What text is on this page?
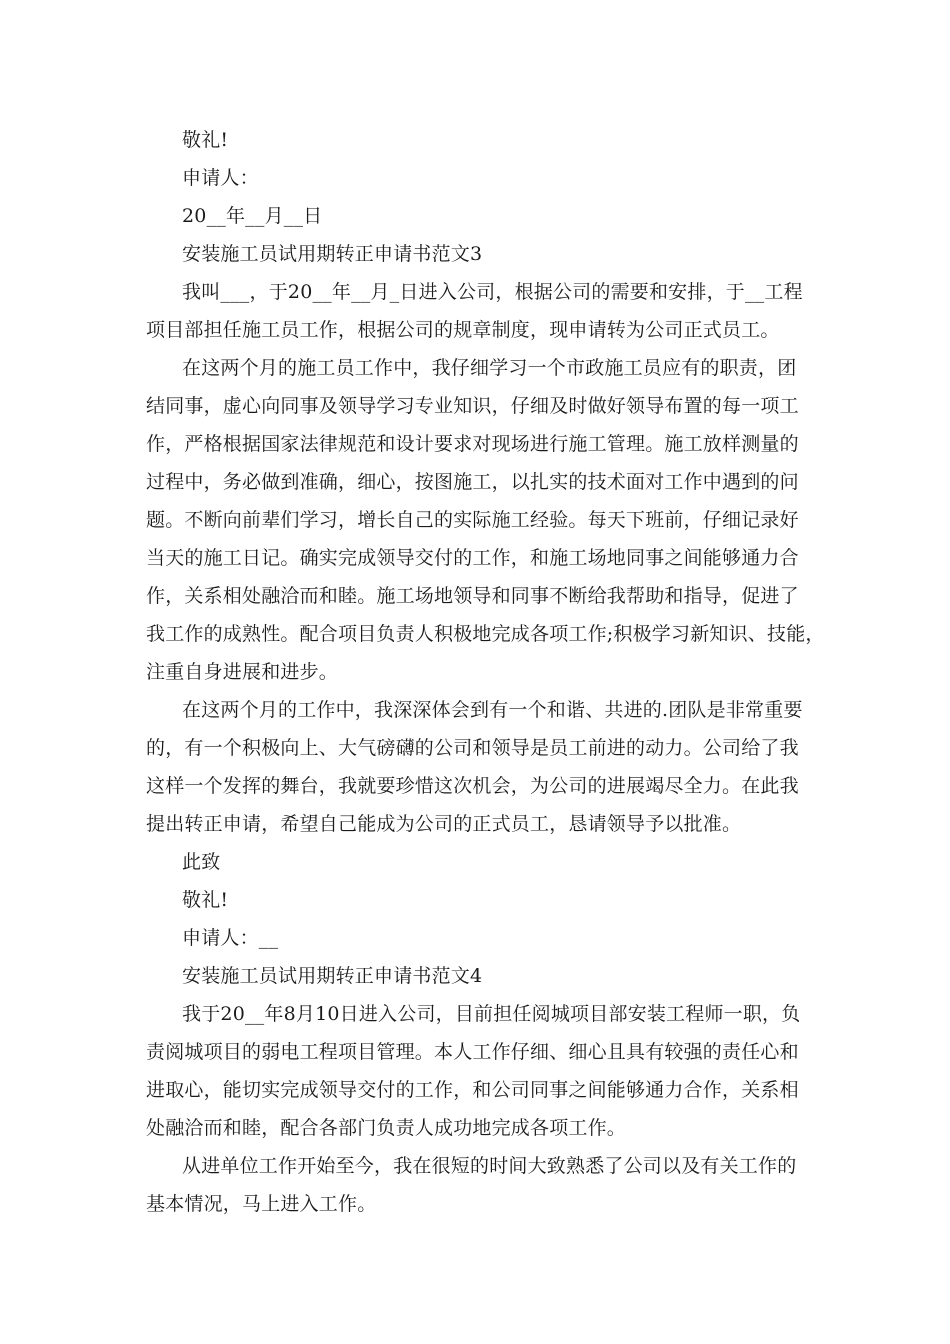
敬礼!
申请人：
20__年__月__日
安装施工员试用期转正申请书范文3
我叫___，于20__年__月_日进入公司，根据公司的需要和安排，于__工程
项目部担任施工员工作，根据公司的规章制度，现申请转为公司正式员工。
在这两个月的施工员工作中，我仔细学习一个市政施工员应有的职责，团
结同事，虚心向同事及领导学习专业知识，仔细及时做好领导布置的每一项工
作，严格根据国家法律规范和设计要求对现场进行施工管理。施工放样测量的
过程中，务必做到准确，细心，按图施工，以扎实的技术面对工作中遇到的问
题。不断向前辈们学习，增长自己的实际施工经验。每天下班前，仔细记录好
当天的施工日记。确实完成领导交付的工作，和施工场地同事之间能够通力合
作，关系相处融洽而和睦。施工场地领导和同事不断给我帮助和指导，促进了
我工作的成熟性。配合项目负责人积极地完成各项工作;积极学习新知识、技能，
注重自身进展和进步。
在这两个月的工作中，我深深体会到有一个和谐、共进的.团队是非常重要
的，有一个积极向上、大气磅礴的公司和领导是员工前进的动力。公司给了我
这样一个发挥的舞台，我就要珍惜这次机会，为公司的进展竭尽全力。在此我
提出转正申请，希望自己能成为公司的正式员工，恳请领导予以批准。
此致
敬礼!
申请人：__
安装施工员试用期转正申请书范文4
我于20__年8月10日进入公司，目前担任阅城项目部安装工程师一职，负
责阅城项目的弱电工程项目管理。本人工作仔细、细心且具有较强的责任心和
进取心，能切实完成领导交付的工作，和公司同事之间能够通力合作，关系相
处融洽而和睦，配合各部门负责人成功地完成各项工作。
从进单位工作开始至今，我在很短的时间大致熟悉了公司以及有关工作的
基本情况，马上进入工作。
